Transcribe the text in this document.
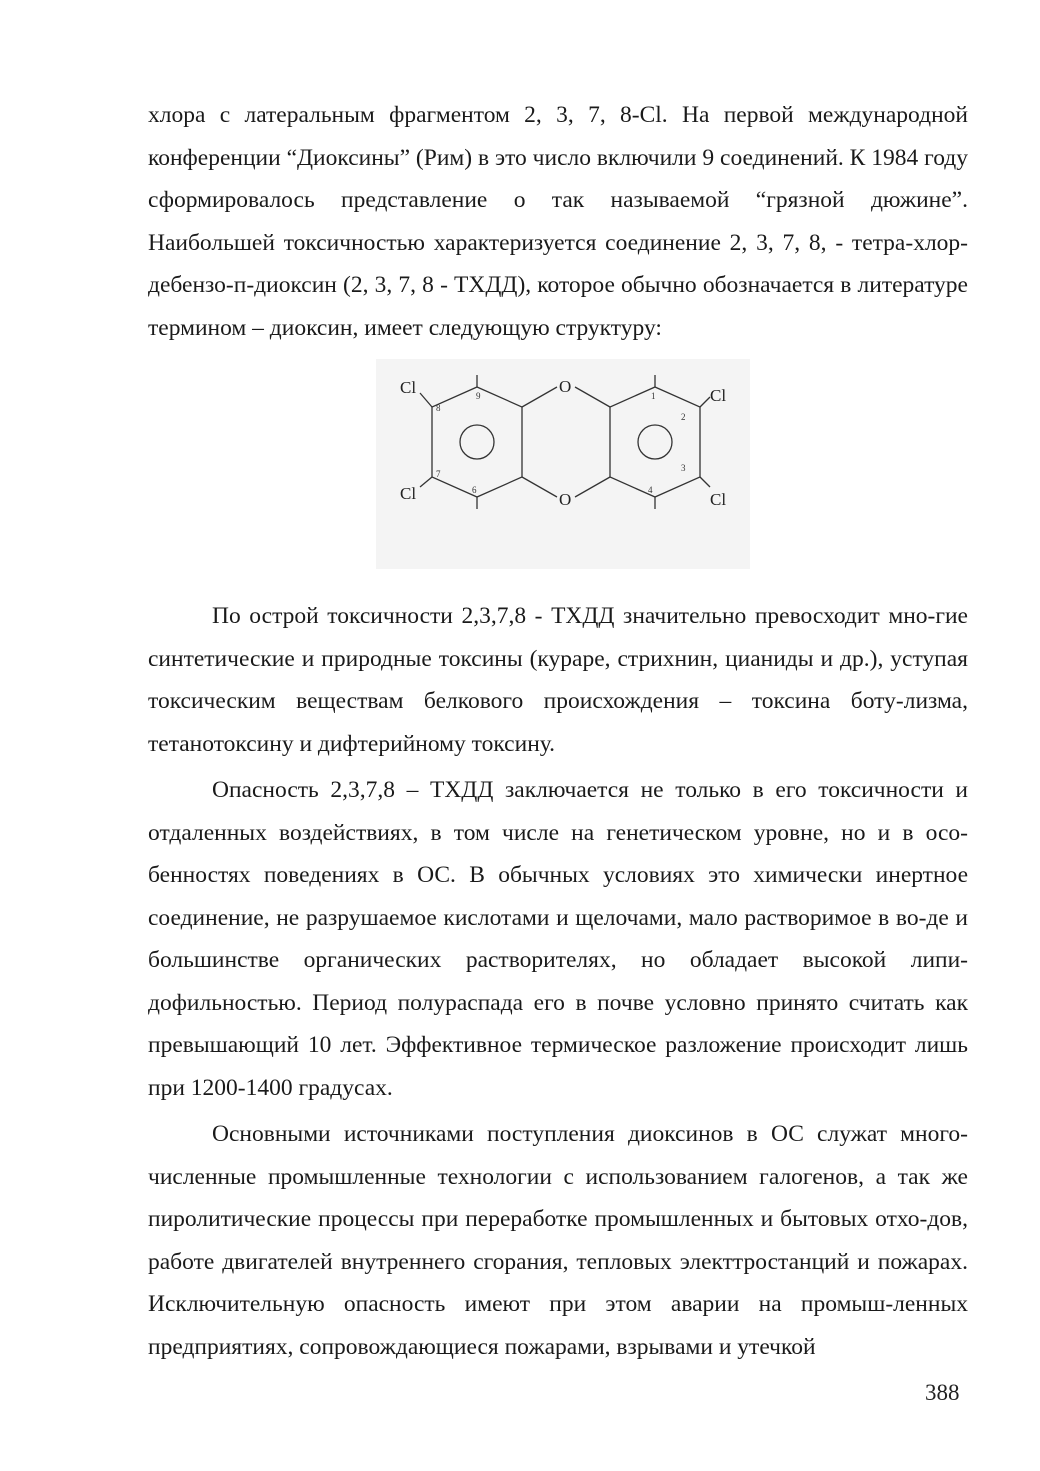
хлора с латеральным фрагментом 2, 3, 7, 8-Cl. На первой международной конференции “Диоксины” (Рим) в это число включили 9 соединений. К 1984 году сформировалось представление о так называемой “грязной дюжине”. Наибольшей токсичностью характеризуется соединение 2, 3, 7, 8, - тетра-хлор-дебензо-п-диоксин (2, 3, 7, 8 - ТХДД), которое обычно обозначается в литературе термином – диоксин, имеет следующую структуру:

Cl
Cl
Cl
Cl
O
O
9
8
7
6
1
2
3
4

По острой токсичности 2,3,7,8 - ТХДД значительно превосходит мно-гие синтетические и природные токсины (кураре, стрихнин, цианиды и др.), уступая токсическим веществам белкового происхождения – токсина боту-лизма, тетанотоксину и дифтерийному токсину.

Опасность 2,3,7,8 – ТХДД заключается не только в его токсичности и отдаленных воздействиях, в том числе на генетическом уровне, но и в осо-бенностях поведениях в ОС. В обычных условиях это химически инертное соединение, не разрушаемое кислотами и щелочами, мало растворимое в во-де и большинстве органических растворителях, но обладает высокой липи-дофильностью. Период полураспада его в почве условно принято считать как превышающий 10 лет. Эффективное термическое разложение происходит лишь при 1200-1400 градусах.

Основными источниками поступления диоксинов в ОС служат много-численные промышленные технологии с использованием галогенов, а так же пиролитические процессы при переработке промышленных и бытовых отхо-дов, работе двигателей внутреннего сгорания, тепловых электтростанций и пожарах. Исключительную опасность имеют при этом аварии на промыш-ленных предприятиях, сопровождающиеся пожарами, взрывами и утечкой

388
